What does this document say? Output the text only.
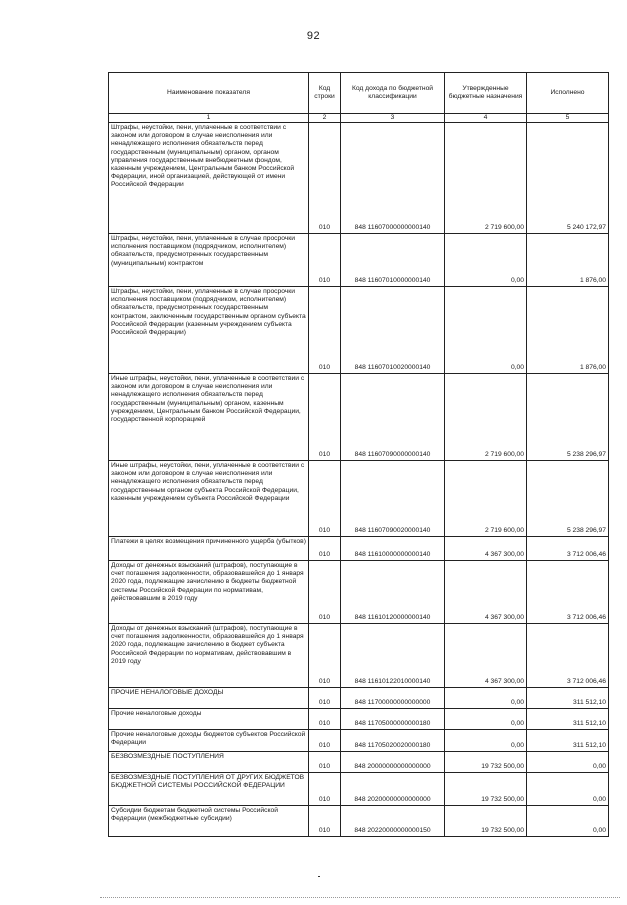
92
Наименование показателя	Код строки	Код дохода по бюджетной классификации	Утвержденные бюджетные назначения	Исполнено
1	2	3	4	5
Штрафы, неустойки, пени, уплаченные в соответствии с законом или договором в случае неисполнения или ненадлежащего исполнения обязательств перед государственным (муниципальным) органом, органом управления государственным внебюджетным фондом, казенным учреждением, Центральным банком Российской Федерации, иной организацией, действующей от имени Российской Федерации	010	848 11607000000000140	2 719 600,00	5 240 172,97
Штрафы, неустойки, пени, уплаченные в случае просрочки исполнения поставщиком (подрядчиком, исполнителем) обязательств, предусмотренных государственным (муниципальным) контрактом	010	848 11607010000000140	0,00	1 876,00
Штрафы, неустойки, пени, уплаченные в случае просрочки исполнения поставщиком (подрядчиком, исполнителем) обязательств, предусмотренных государственным контрактом, заключенным государственным органом субъекта Российской Федерации (казенным учреждением субъекта Российской Федерации)	010	848 11607010020000140	0,00	1 876,00
Иные штрафы, неустойки, пени, уплаченные в соответствии с законом или договором в случае неисполнения или ненадлежащего исполнения обязательств перед государственным (муниципальным) органом, казенным учреждением, Центральным банком Российской Федерации, государственной корпорацией	010	848 11607090000000140	2 719 600,00	5 238 296,97
Иные штрафы, неустойки, пени, уплаченные в соответствии с законом или договором в случае неисполнения или ненадлежащего исполнения обязательств перед государственным органом субъекта Российской Федерации, казенным учреждением субъекта Российской Федерации	010	848 11607090020000140	2 719 600,00	5 238 296,97
Платежи в целях возмещения причиненного ущерба (убытков)	010	848 11610000000000140	4 367 300,00	3 712 006,46
Доходы от денежных взысканий (штрафов), поступающие в счет погашения задолженности, образовавшейся до 1 января 2020 года, подлежащие зачислению в бюджеты бюджетной системы Российской Федерации по нормативам, действовавшим в 2019 году	010	848 11610120000000140	4 367 300,00	3 712 006,46
Доходы от денежных взысканий (штрафов), поступающие в счет погашения задолженности, образовавшейся до 1 января 2020 года, подлежащие зачислению в бюджет субъекта Российской Федерации по нормативам, действовавшим в 2019 году	010	848 11610122010000140	4 367 300,00	3 712 006,46
ПРОЧИЕ НЕНАЛОГОВЫЕ ДОХОДЫ	010	848 11700000000000000	0,00	311 512,10
Прочие неналоговые доходы	010	848 11705000000000180	0,00	311 512,10
Прочие неналоговые доходы бюджетов субъектов Российской Федерации	010	848 11705020020000180	0,00	311 512,10
БЕЗВОЗМЕЗДНЫЕ ПОСТУПЛЕНИЯ	010	848 20000000000000000	19 732 500,00	0,00
БЕЗВОЗМЕЗДНЫЕ ПОСТУПЛЕНИЯ ОТ ДРУГИХ БЮДЖЕТОВ БЮДЖЕТНОЙ СИСТЕМЫ РОССИЙСКОЙ ФЕДЕРАЦИИ	010	848 20200000000000000	19 732 500,00	0,00
Субсидии бюджетам бюджетной системы Российской Федерации (межбюджетные субсидии)	010	848 20220000000000150	19 732 500,00	0,00
